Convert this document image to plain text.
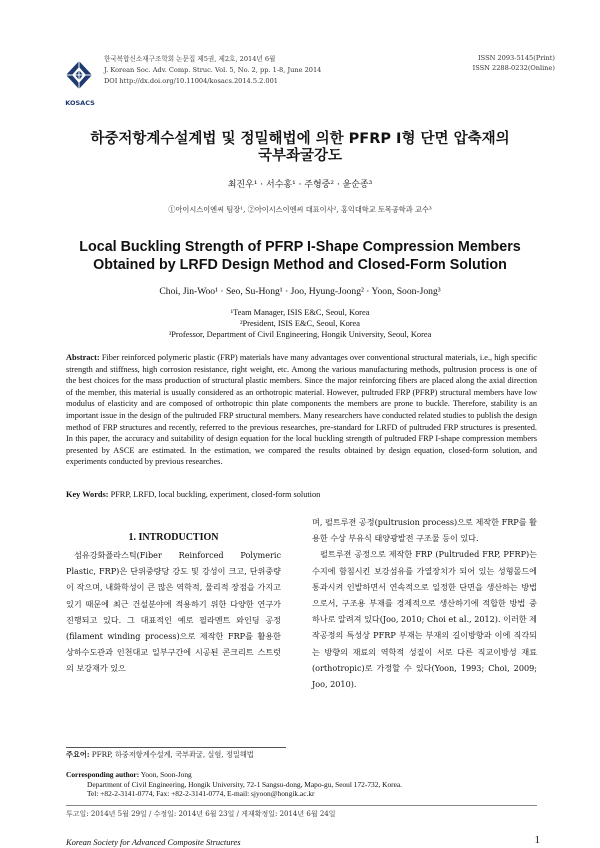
KOSACS
한국복합신소재구조학회 논문집 제5권, 제2호, 2014년 6월
J. Korean Soc. Adv. Comp. Struc. Vol. 5, No. 2, pp. 1-8, June 2014
DOI http://dx.doi.org/10.11004/kosacs.2014.5.2.001
ISSN 2093-5145(Print)
ISSN 2288-0232(Online)
하중저항계수설계법 및 정밀해법에 의한 PFRP I형 단면 압축재의
국부좌굴강도
최진우¹ · 서수홍¹ · 주형중² · 윤순종³
①아이시스이엔씨 팀장¹, ②아이시스이엔씨 대표이사², 홍익대학교 토목공학과 교수³
Local Buckling Strength of PFRP I-Shape Compression Members
Obtained by LRFD Design Method and Closed-Form Solution
Choi, Jin-Woo¹ · Seo, Su-Hong¹ · Joo, Hyung-Joong² · Yoon, Soon-Jong³
¹Team Manager, ISIS E&C, Seoul, Korea
²President, ISIS E&C, Seoul, Korea
³Professor, Department of Civil Engineering, Hongik University, Seoul, Korea
Abstract: Fiber reinforced polymeric plastic (FRP) materials have many advantages over conventional structural materials, i.e., high specific strength and stiffness, high corrosion resistance, right weight, etc. Among the various manufacturing methods, pultrusion process is one of the best choices for the mass production of structural plastic members. Since the major reinforcing fibers are placed along the axial direction of the member, this material is usually considered as an orthotropic material. However, pultruded FRP (PFRP) structural members have low modulus of elasticity and are composed of orthotropic thin plate components the members are prone to buckle. Therefore, stability is an important issue in the design of the pultruded FRP structural members. Many researchers have conducted related studies to publish the design method of FRP structures and recently, referred to the previous researches, pre-standard for LRFD of pultruded FRP structures is presented. In this paper, the accuracy and suitability of design equation for the local buckling strength of pultruded FRP I-shape compression members presented by ASCE are estimated. In the estimation, we compared the results obtained by design equation, closed-form solution, and experiments conducted by previous researches.
Key Words: PFRP, LRFD, local buckling, experiment, closed-form solution
1. INTRODUCTION

섬유강화플라스틱(Fiber Reinforced Polymeric Plastic, FRP)은 단위중량당 강도 및 강성이 크고, 단위중량이 작으며, 내화학성이 큰 많은 역학적, 물리적 장점을 가지고 있기 때문에 최근 건설분야에 적용하기 위한 다양한 연구가 진행되고 있다. 그 대표적인 예로 필라멘트 와인딩 공정(filament winding process)으로 제작한 FRP를 활용한 상하수도관과 인천대교 일부구간에 시공된 콘크리트 스트럿의 보강재가 있으

며, 펄트루젼 공정(pultrusion process)으로 제작한 FRP를 활용한 수상 부유식 태양광발전 구조물 등이 있다.

펄트루젼 공정으로 제작한 FRP (Pultruded FRP, PFRP)는 수지에 함침시킨 보강섬유를 가열장치가 되어 있는 성형몰드에 통과시켜 인발하면서 연속적으로 일정한 단면을 생산하는 방법으로서, 구조용 부재를 경제적으로 생산하기에 적합한 방법 중 하나로 알려져 있다(Joo, 2010; Choi et al., 2012). 이러한 제작공정의 특성상 PFRP 부재는 부재의 길이방향과 이에 직각되는 방향의 재료의 역학적 성질이 서로 다른 직교이방성 재료(orthotropic)로 가정할 수 있다(Yoon, 1993; Choi, 2009; Joo, 2010).

주요어: PFRP, 하중저항계수설계, 국부좌굴, 실험, 정밀해법
Corresponding author: Yoon, Soon-Jong
Department of Civil Engineering, Hongik University, 72-1 Sangsu-dong, Mapo-gu, Seoul 172-732, Korea.
Tel: +82-2-3141-0774, Fax: +82-2-3141-0774, E-mail: sjyoon@hongik.ac.kr
투고일: 2014년 5월 29일 / 수정일: 2014년 6월 23일 / 게재확정일: 2014년 6월 24일
Korean Society for Advanced Composite Structures	1
